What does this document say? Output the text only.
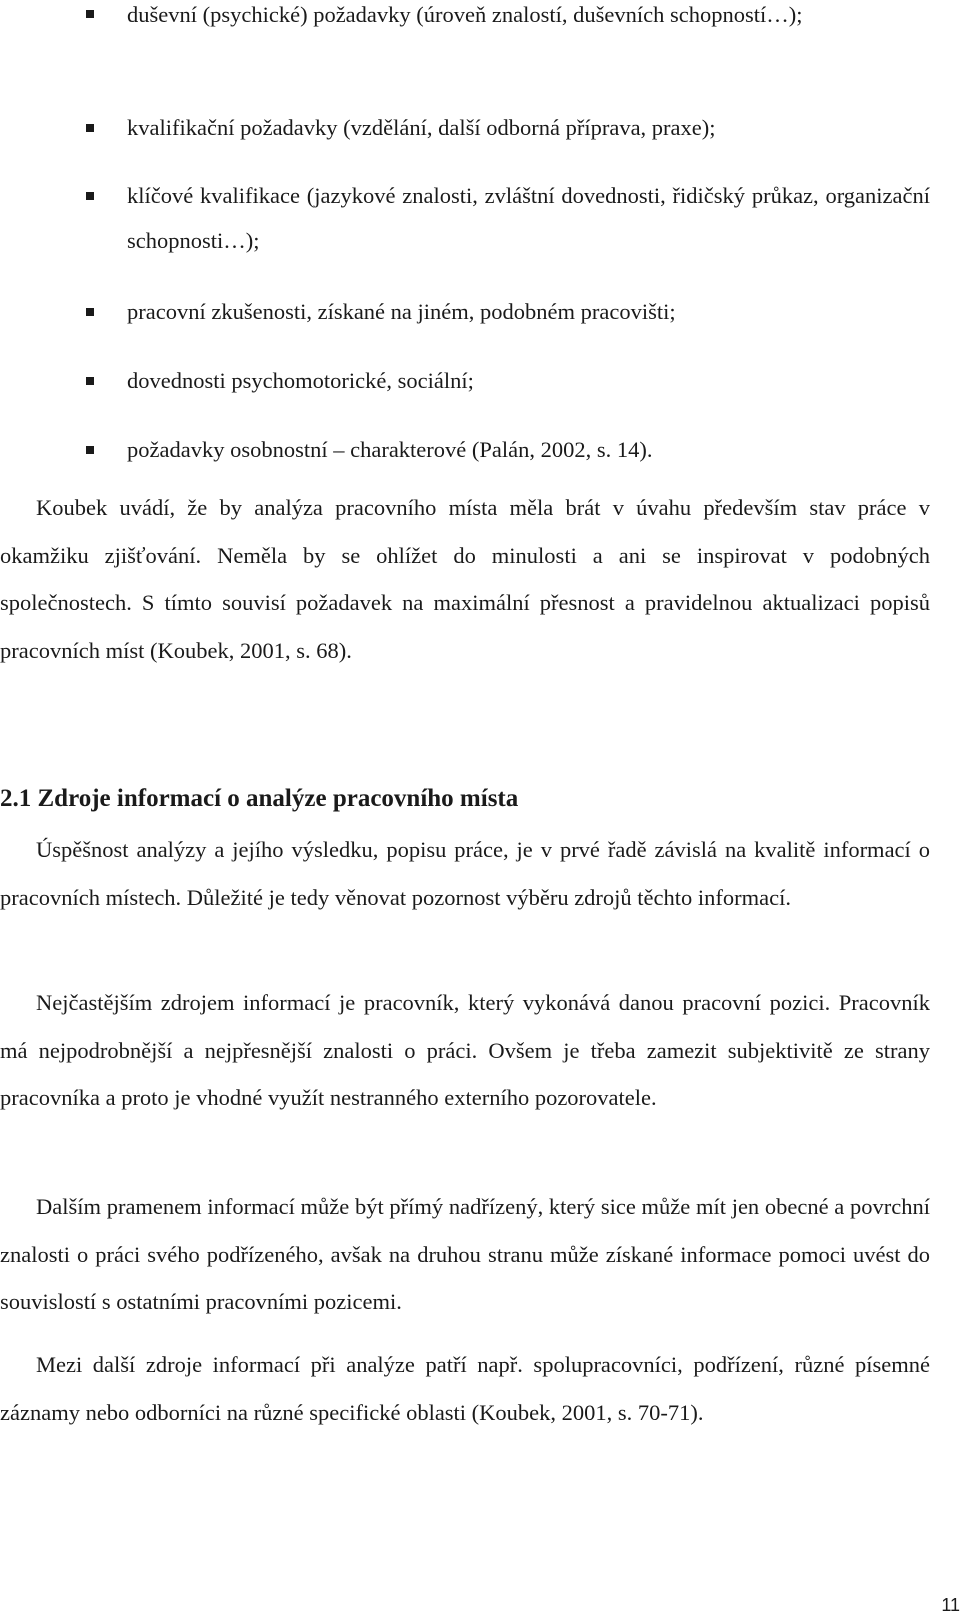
duševní (psychické) požadavky (úroveň znalostí, duševních schopností…);
kvalifikační požadavky (vzdělání, další odborná příprava, praxe);
klíčové kvalifikace (jazykové znalosti, zvláštní dovednosti, řidičský průkaz, organizační schopnosti…);
pracovní zkušenosti, získané na jiném, podobném pracovišti;
dovednosti psychomotorické, sociální;
požadavky osobnostní – charakterové (Palán, 2002, s. 14).

Koubek uvádí, že by analýza pracovního místa měla brát v úvahu především stav práce v okamžiku zjišťování. Neměla by se ohlížet do minulosti a ani se inspirovat v podobných společnostech. S tímto souvisí požadavek na maximální přesnost a pravidelnou aktualizaci popisů pracovních míst (Koubek, 2001, s. 68).

2.1 Zdroje informací o analýze pracovního místa

Úspěšnost analýzy a jejího výsledku, popisu práce, je v prvé řadě závislá na kvalitě informací o pracovních místech. Důležité je tedy věnovat pozornost výběru zdrojů těchto informací.

Nejčastějším zdrojem informací je pracovník, který vykonává danou pracovní pozici. Pracovník má nejpodrobnější a nejpřesnější znalosti o práci. Ovšem je třeba zamezit subjektivitě ze strany pracovníka a proto je vhodné využít nestranného externího pozorovatele.

Dalším pramenem informací může být přímý nadřízený, který sice může mít jen obecné a povrchní znalosti o práci svého podřízeného, avšak na druhou stranu může získané informace pomoci uvést do souvislostí s ostatními pracovními pozicemi.

Mezi další zdroje informací při analýze patří např. spolupracovníci, podřízení, různé písemné záznamy nebo odborníci na různé specifické oblasti (Koubek, 2001, s. 70-71).

11
